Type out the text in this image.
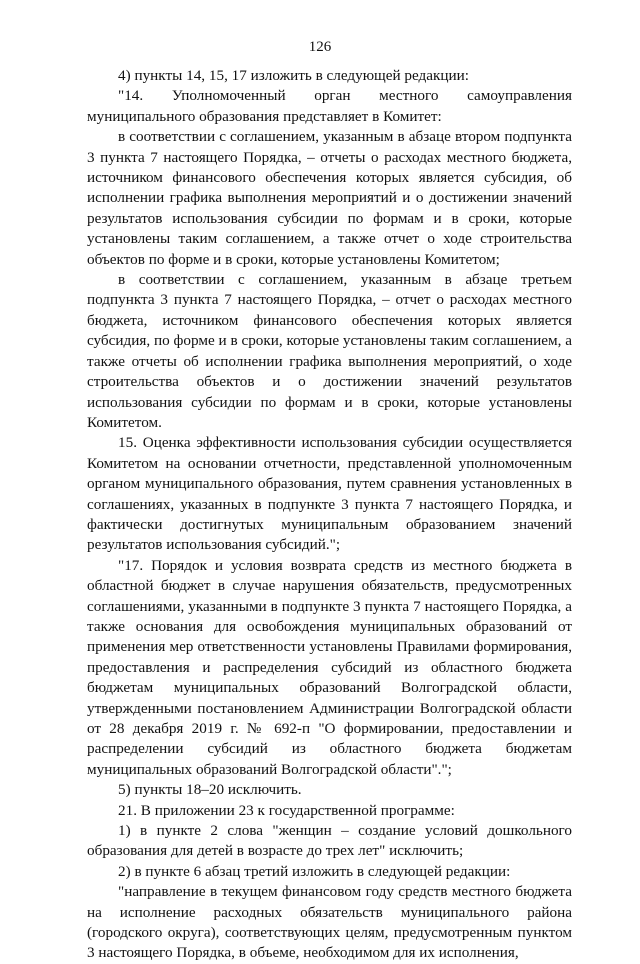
126

4) пункты 14, 15, 17 изложить в следующей редакции:

"14. Уполномоченный орган местного самоуправления муниципального образования представляет в Комитет:

в соответствии с соглашением, указанным в абзаце втором подпункта 3 пункта 7 настоящего Порядка, – отчеты о расходах местного бюджета, источником финансового обеспечения которых является субсидия, об исполнении графика выполнения мероприятий и о достижении значений результатов использования субсидии по формам и в сроки, которые установлены таким соглашением, а также отчет о ходе строительства объектов по форме и в сроки, которые установлены Комитетом;

в соответствии с соглашением, указанным в абзаце третьем подпункта 3 пункта 7 настоящего Порядка, – отчет о расходах местного бюджета, источником финансового обеспечения которых является субсидия, по форме и в сроки, которые установлены таким соглашением, а также отчеты об исполнении графика выполнения мероприятий, о ходе строительства объектов и о достижении значений результатов использования субсидии по формам и в сроки, которые установлены Комитетом.

15. Оценка эффективности использования субсидии осуществляется Комитетом на основании отчетности, представленной уполномоченным органом муниципального образования, путем сравнения установленных в соглашениях, указанных в подпункте 3 пункта 7 настоящего Порядка, и фактически достигнутых муниципальным образованием значений результатов использования субсидий.";

"17. Порядок и условия возврата средств из местного бюджета в областной бюджет в случае нарушения обязательств, предусмотренных соглашениями, указанными в подпункте 3 пункта 7 настоящего Порядка, а также основания для освобождения муниципальных образований от применения мер ответственности установлены Правилами формирования, предоставления и распределения субсидий из областного бюджета бюджетам муниципальных образований Волгоградской области, утвержденными постановлением Администрации Волгоградской области от 28 декабря 2019 г. № 692-п "О формировании, предоставлении и распределении субсидий из областного бюджета бюджетам муниципальных образований Волгоградской области".";

5) пункты 18–20 исключить.

21. В приложении 23 к государственной программе:

1) в пункте 2 слова "женщин – создание условий дошкольного образования для детей в возрасте до трех лет" исключить;

2) в пункте 6 абзац третий изложить в следующей редакции:

"направление в текущем финансовом году средств местного бюджета на исполнение расходных обязательств муниципального района (городского округа), соответствующих целям, предусмотренным пунктом 3 настоящего Порядка, в объеме, необходимом для их исполнения,
